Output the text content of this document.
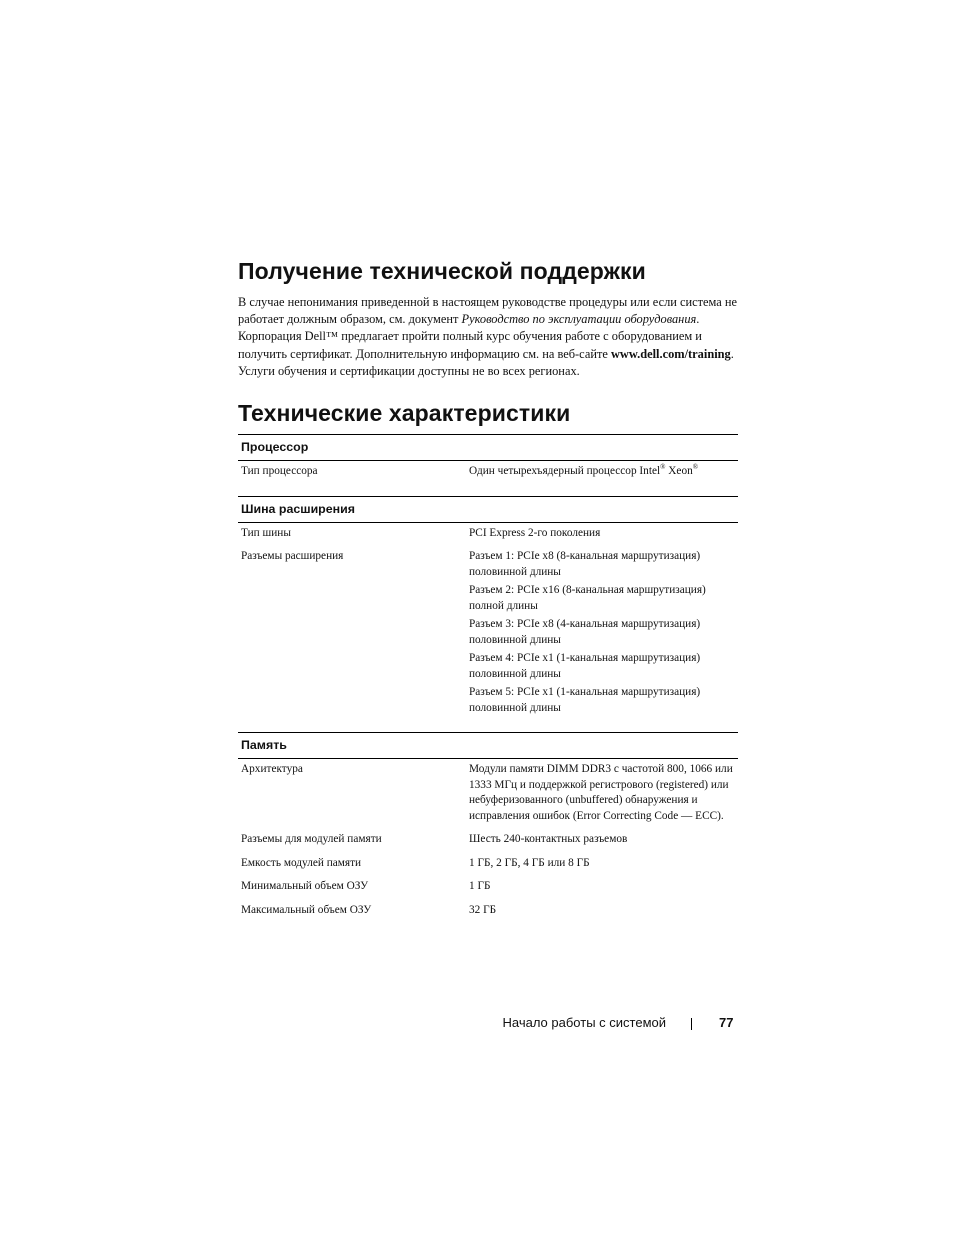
Получение технической поддержки

В случае непонимания приведенной в настоящем руководстве процедуры или если система не работает должным образом, см. документ Руководство по эксплуатации оборудования. Корпорация Dell™ предлагает пройти полный курс обучения работе с оборудованием и получить сертификат. Дополнительную информацию см. на веб-сайте www.dell.com/training. Услуги обучения и сертификации доступны не во всех регионах.

Технические характеристики
Процессор	
Тип процессора	Один четырехъядерный процессор Intel® Xeon®

Шина расширения	
Тип шины	PCI Express 2-го поколения
Разъемы расширения	Разъем 1: PCIe x8 (8-канальная маршрутизация) половинной длины
Разъем 2: PCIe x16 (8-канальная маршрутизация) полной длины
Разъем 3: PCIe x8 (4-канальная маршрутизация) половинной длины
Разъем 4: PCIe x1 (1-канальная маршрутизация) половинной длины
Разъем 5: PCIe x1 (1-канальная маршрутизация) половинной длины

Память	
Архитектура	Модули памяти DIMM DDR3 с частотой 800, 1066 или 1333 МГц и поддержкой регистрового (registered) или небуферизованного (unbuffered) обнаружения и исправления ошибок (Error Correcting Code — ECC).
Разъемы для модулей памяти	Шесть 240-контактных разъемов
Емкость модулей памяти	1 ГБ, 2 ГБ, 4 ГБ или 8 ГБ
Минимальный объем ОЗУ	1 ГБ
Максимальный объем ОЗУ	32 ГБ
Начало работы с системой	77
